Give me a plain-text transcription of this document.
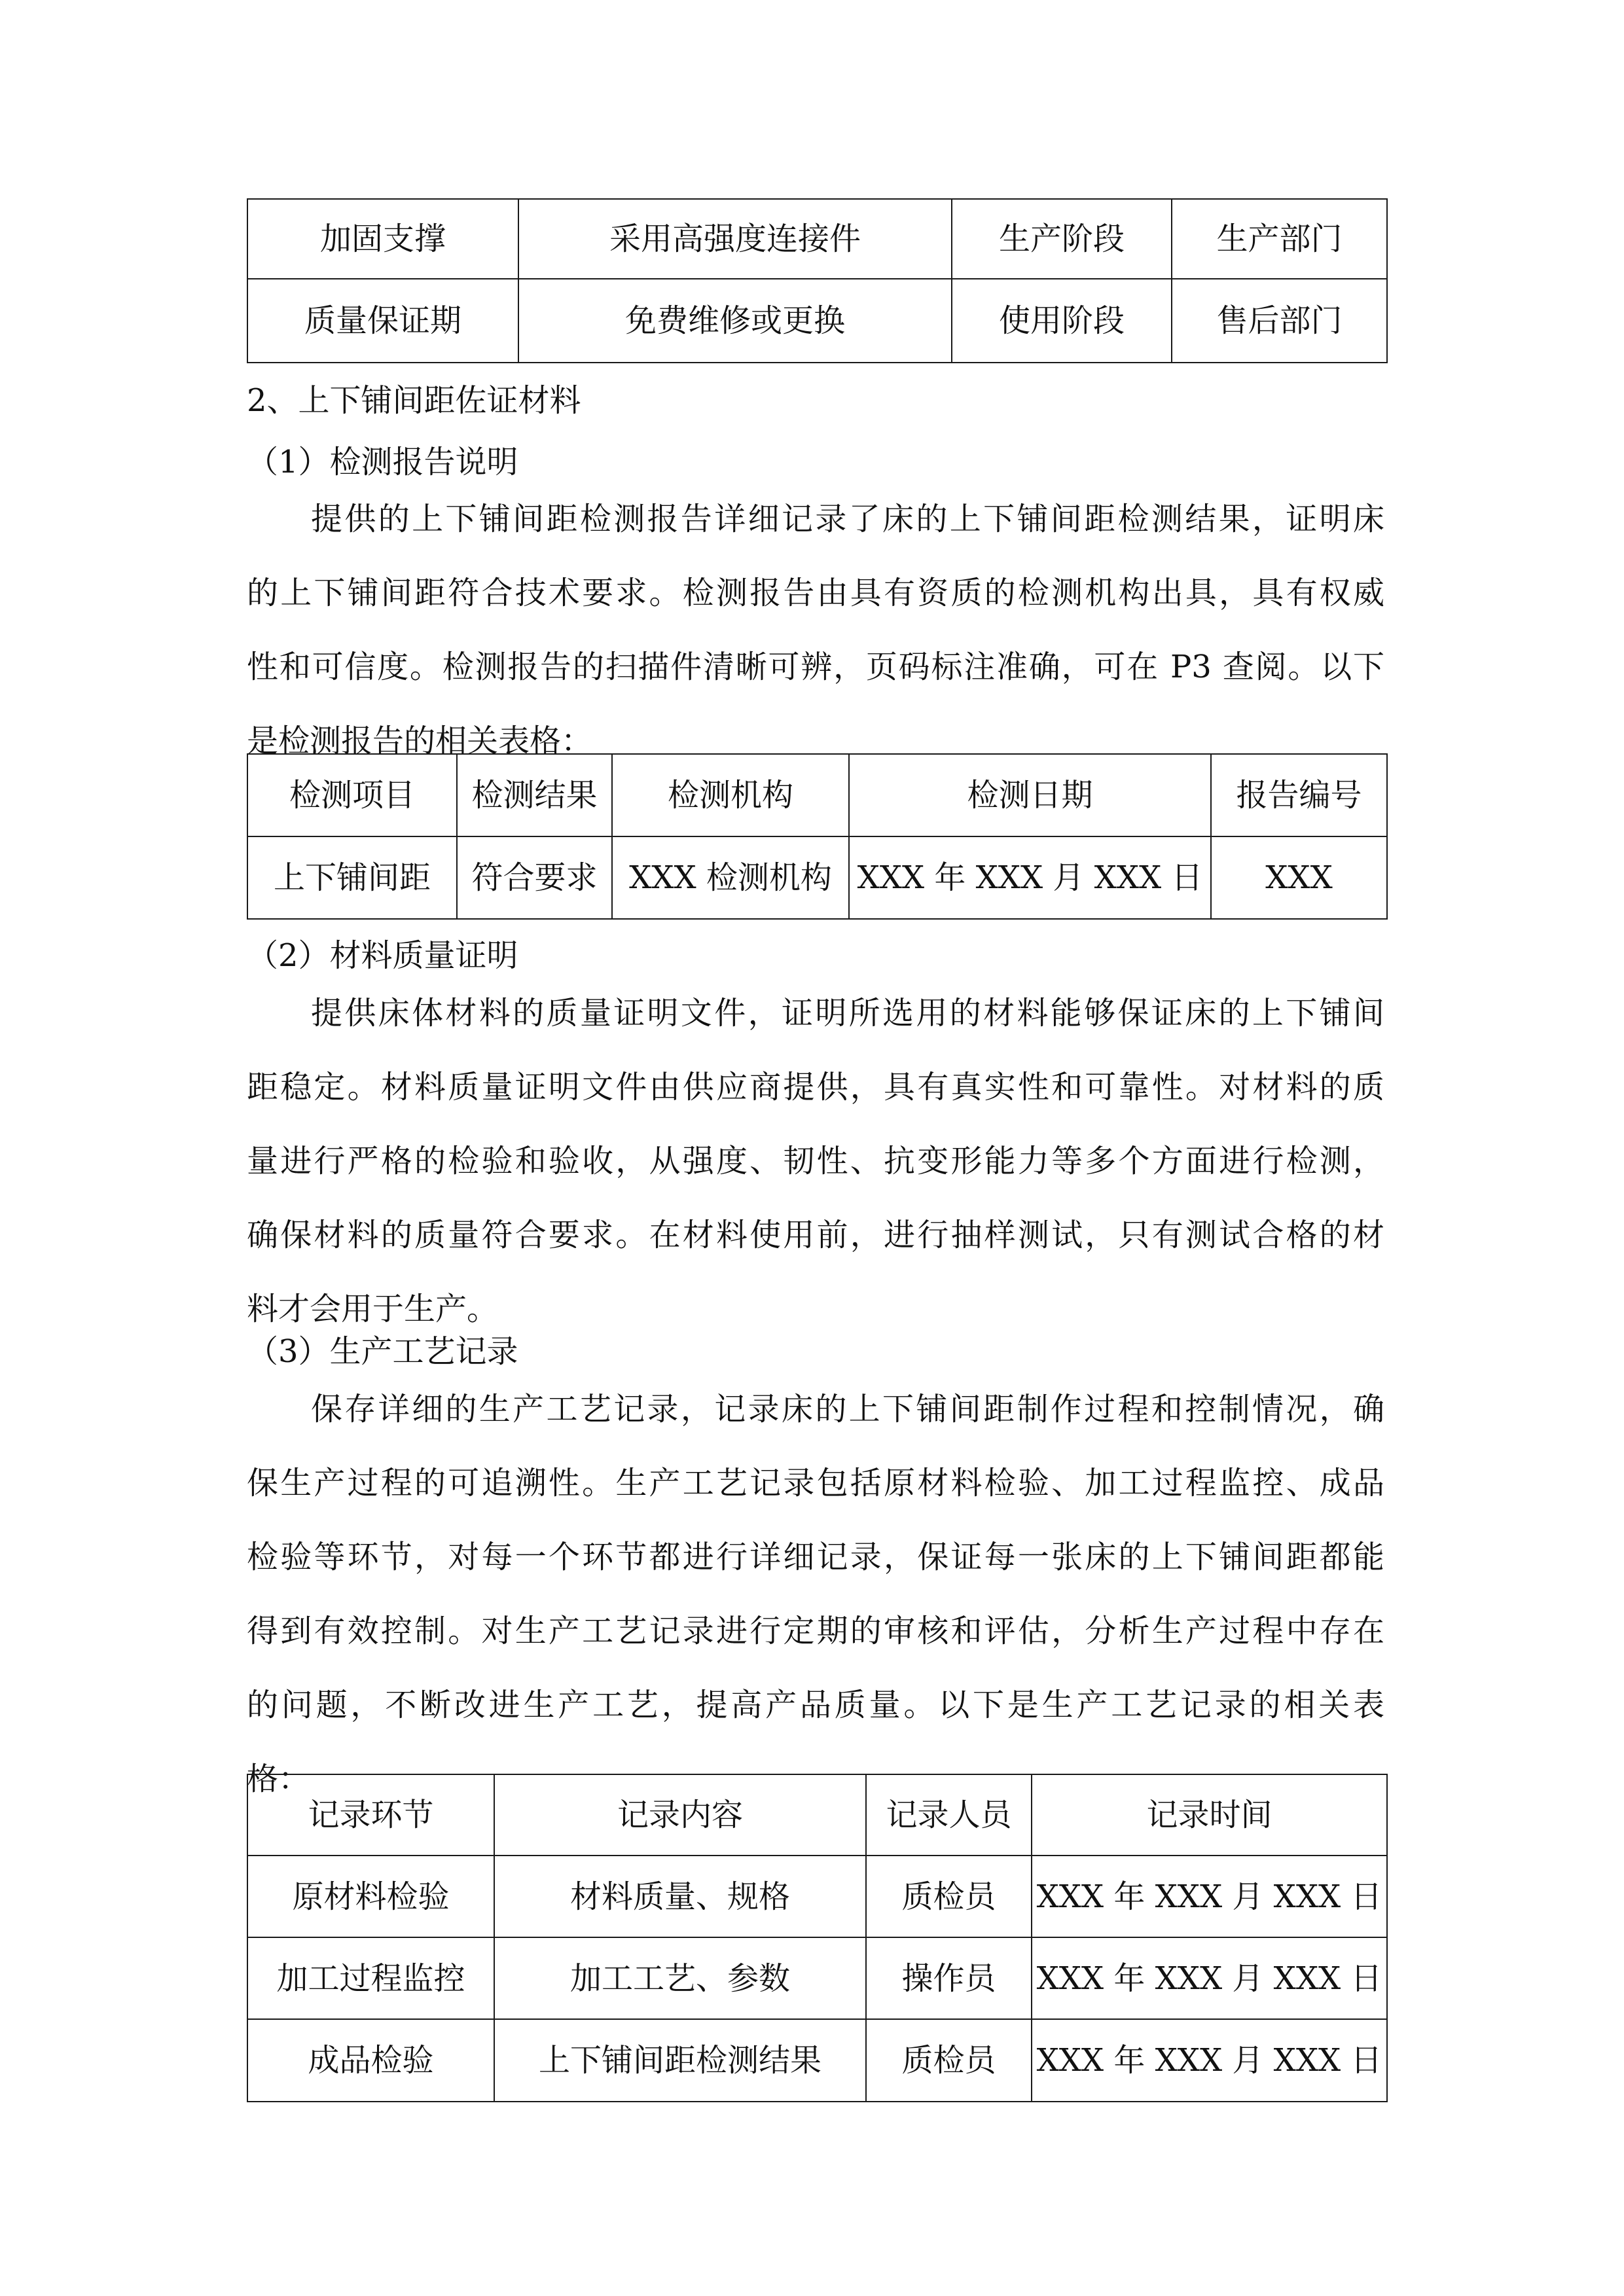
加固支撑	采用高强度连接件	生产阶段	生产部门
质量保证期	免费维修或更换	使用阶段	售后部门
2、上下铺间距佐证材料
（1）检测报告说明
提供的上下铺间距检测报告详细记录了床的上下铺间距检测结果，证明床
的上下铺间距符合技术要求。检测报告由具有资质的检测机构出具，具有权威
性和可信度。检测报告的扫描件清晰可辨，页码标注准确，可在 P3 查阅。以下
是检测报告的相关表格：
检测项目	检测结果	检测机构	检测日期	报告编号
上下铺间距	符合要求	XXX 检测机构	XXX 年 XXX 月 XXX 日	XXX
（2）材料质量证明
提供床体材料的质量证明文件，证明所选用的材料能够保证床的上下铺间
距稳定。材料质量证明文件由供应商提供，具有真实性和可靠性。对材料的质
量进行严格的检验和验收，从强度、韧性、抗变形能力等多个方面进行检测，
确保材料的质量符合要求。在材料使用前，进行抽样测试，只有测试合格的材
料才会用于生产。
（3）生产工艺记录
保存详细的生产工艺记录，记录床的上下铺间距制作过程和控制情况，确
保生产过程的可追溯性。生产工艺记录包括原材料检验、加工过程监控、成品
检验等环节，对每一个环节都进行详细记录，保证每一张床的上下铺间距都能
得到有效控制。对生产工艺记录进行定期的审核和评估，分析生产过程中存在
的问题，不断改进生产工艺，提高产品质量。以下是生产工艺记录的相关表
格：
记录环节	记录内容	记录人员	记录时间
原材料检验	材料质量、规格	质检员	XXX 年 XXX 月 XXX 日
加工过程监控	加工工艺、参数	操作员	XXX 年 XXX 月 XXX 日
成品检验	上下铺间距检测结果	质检员	XXX 年 XXX 月 XXX 日
